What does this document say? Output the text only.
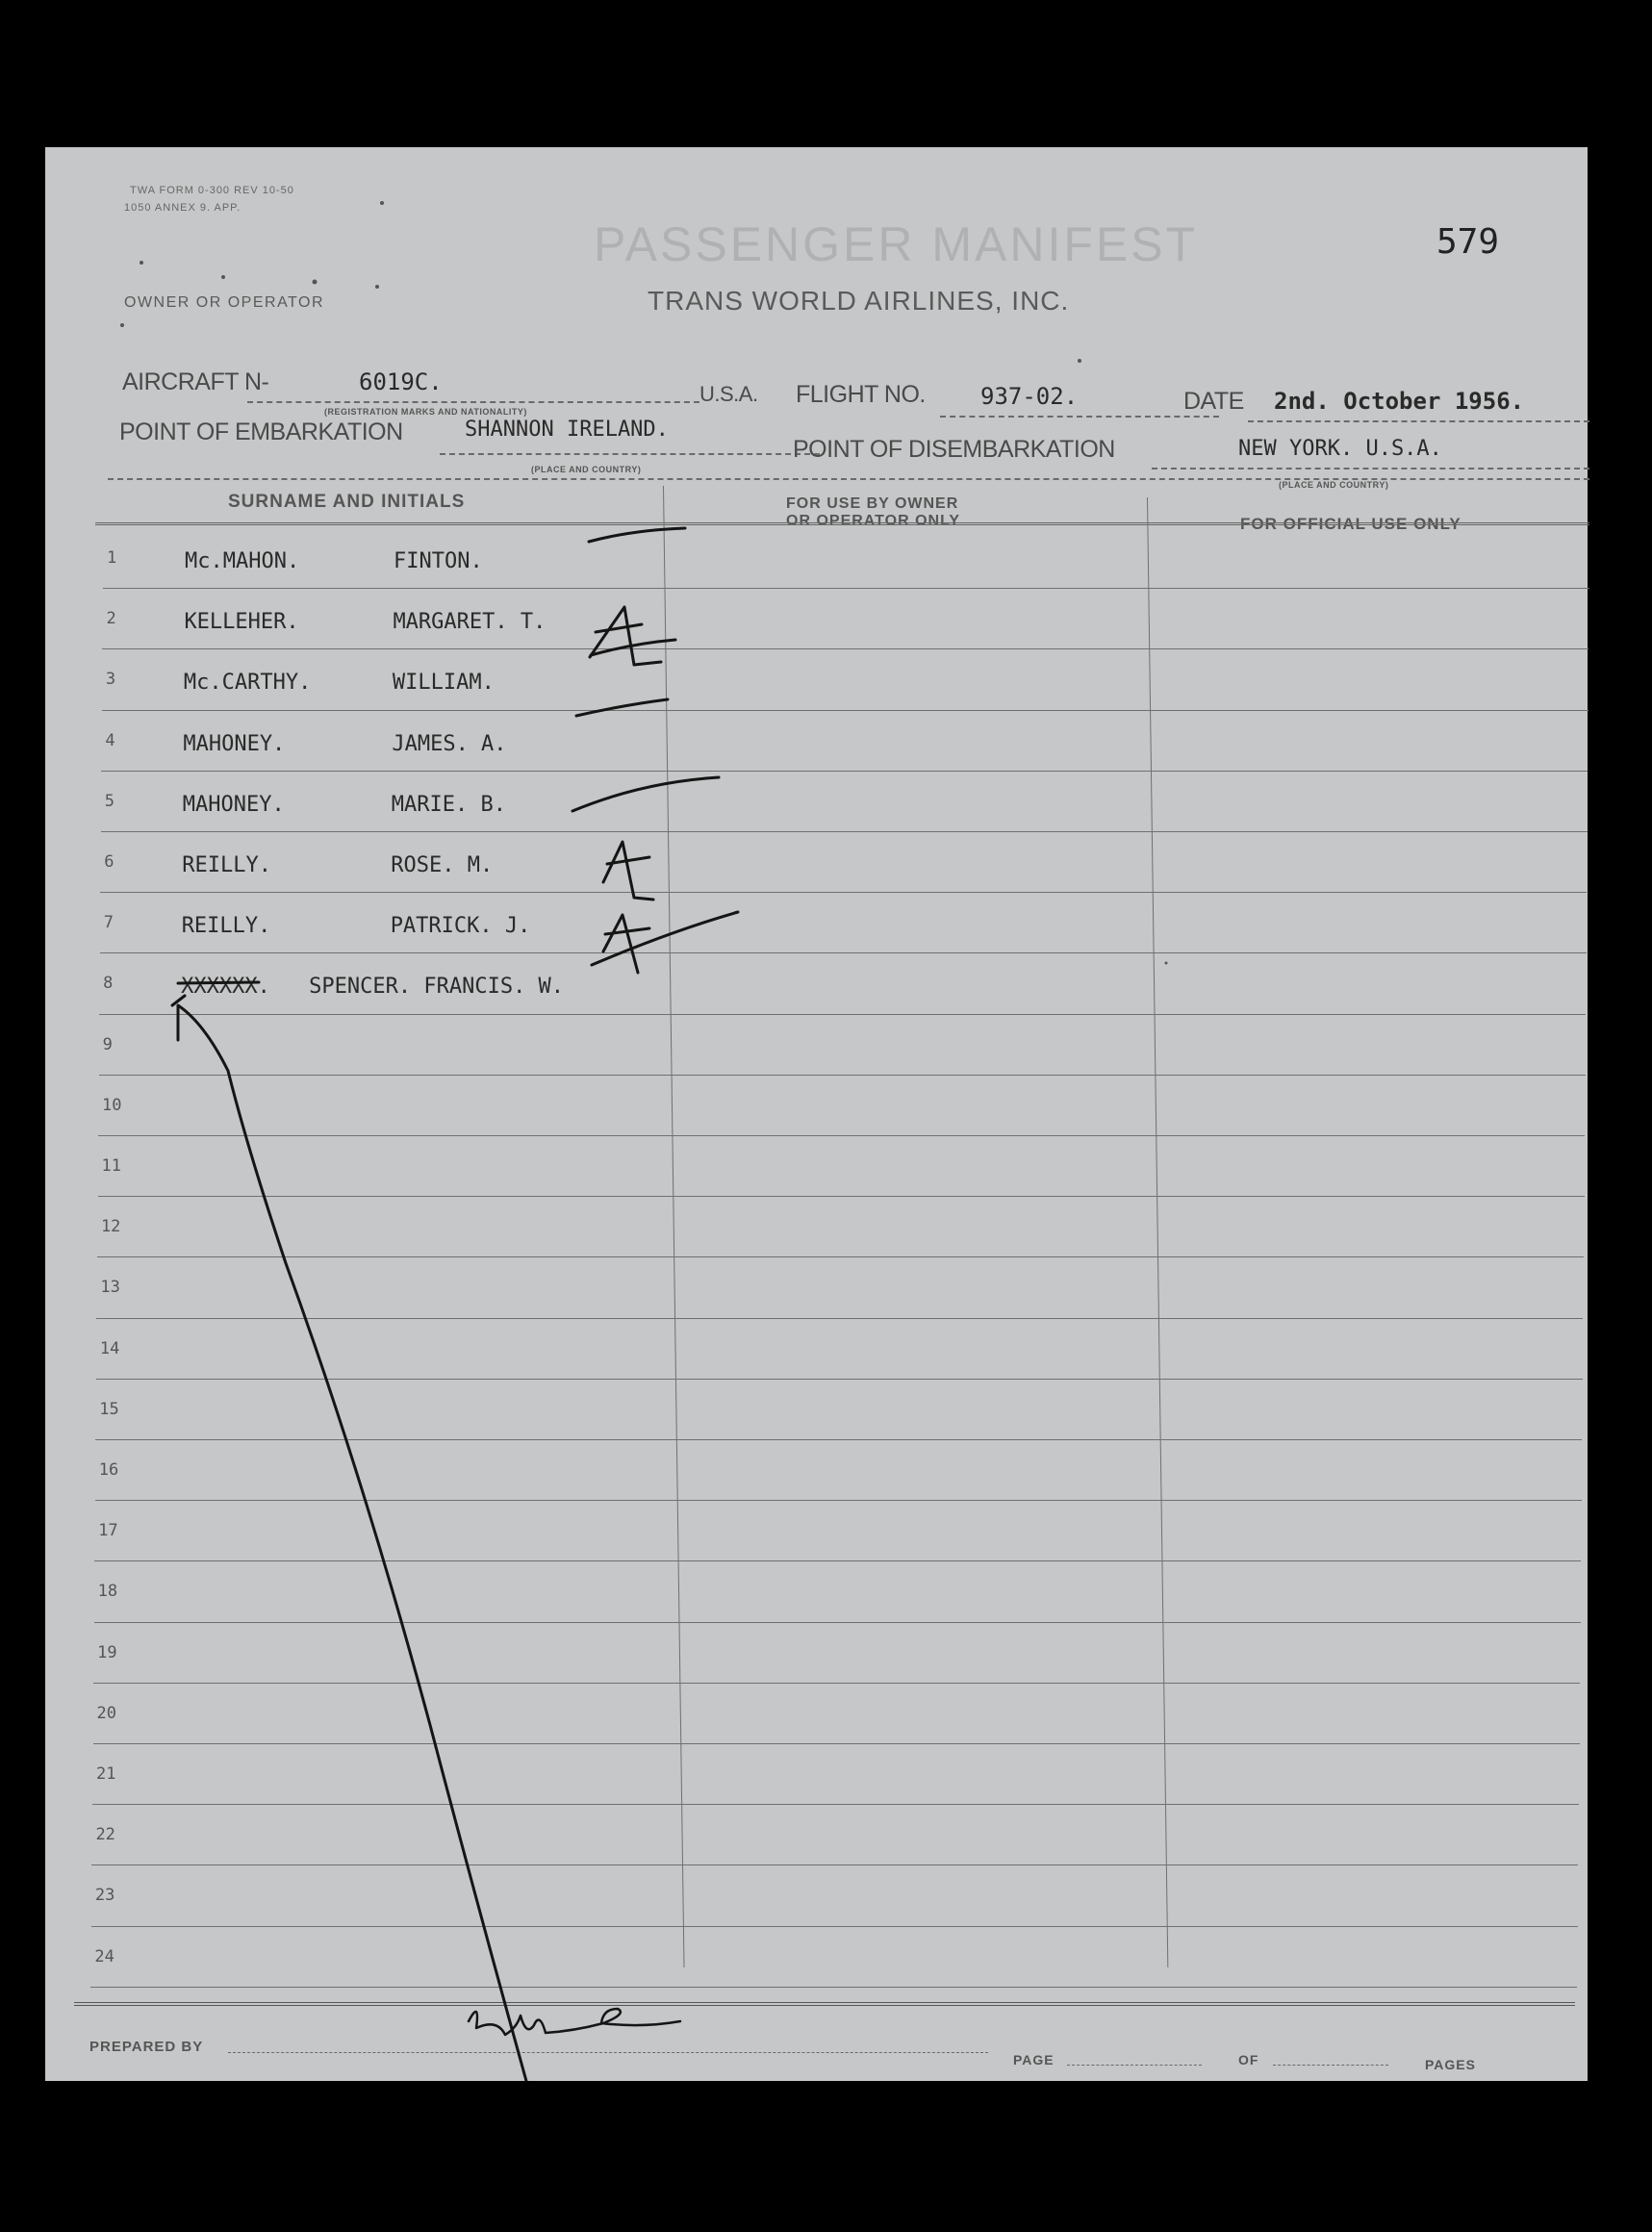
TWA FORM 0-300 REV 10-50
1050 ANNEX 9. APP.
PASSENGER MANIFEST
TRANS WORLD AIRLINES, INC.
579
OWNER OR OPERATOR
AIRCRAFT N-	6019C.
(REGISTRATION MARKS AND NATIONALITY)
U.S.A. FLIGHT NO. 937-02.	DATE 2nd. October 1956.
POINT OF EMBARKATION	SHANNON IRELAND.
(PLACE AND COUNTRY)
POINT OF DISEMBARKATION	NEW YORK. U.S.A.
(PLACE AND COUNTRY)
SURNAME AND INITIALS	FOR USE BY OWNER
OR OPERATOR ONLY	FOR OFFICIAL USE ONLY
1	Mc.MAHON.	FINTON.
2	KELLEHER.	MARGARET. T.
3	Mc.CARTHY.	WILLIAM.
4	MAHONEY.	JAMES. A.
5	MAHONEY.	MARIE. B.
6	REILLY.	ROSE. M.
7	REILLY.	PATRICK. J.
8	XXXXXX. SPENCER. FRANCIS. W.
9
10
11
12
13
14
15
16
17
18
19
20
21
22
23
24
PREPARED BY
PAGE	OF	PAGES
